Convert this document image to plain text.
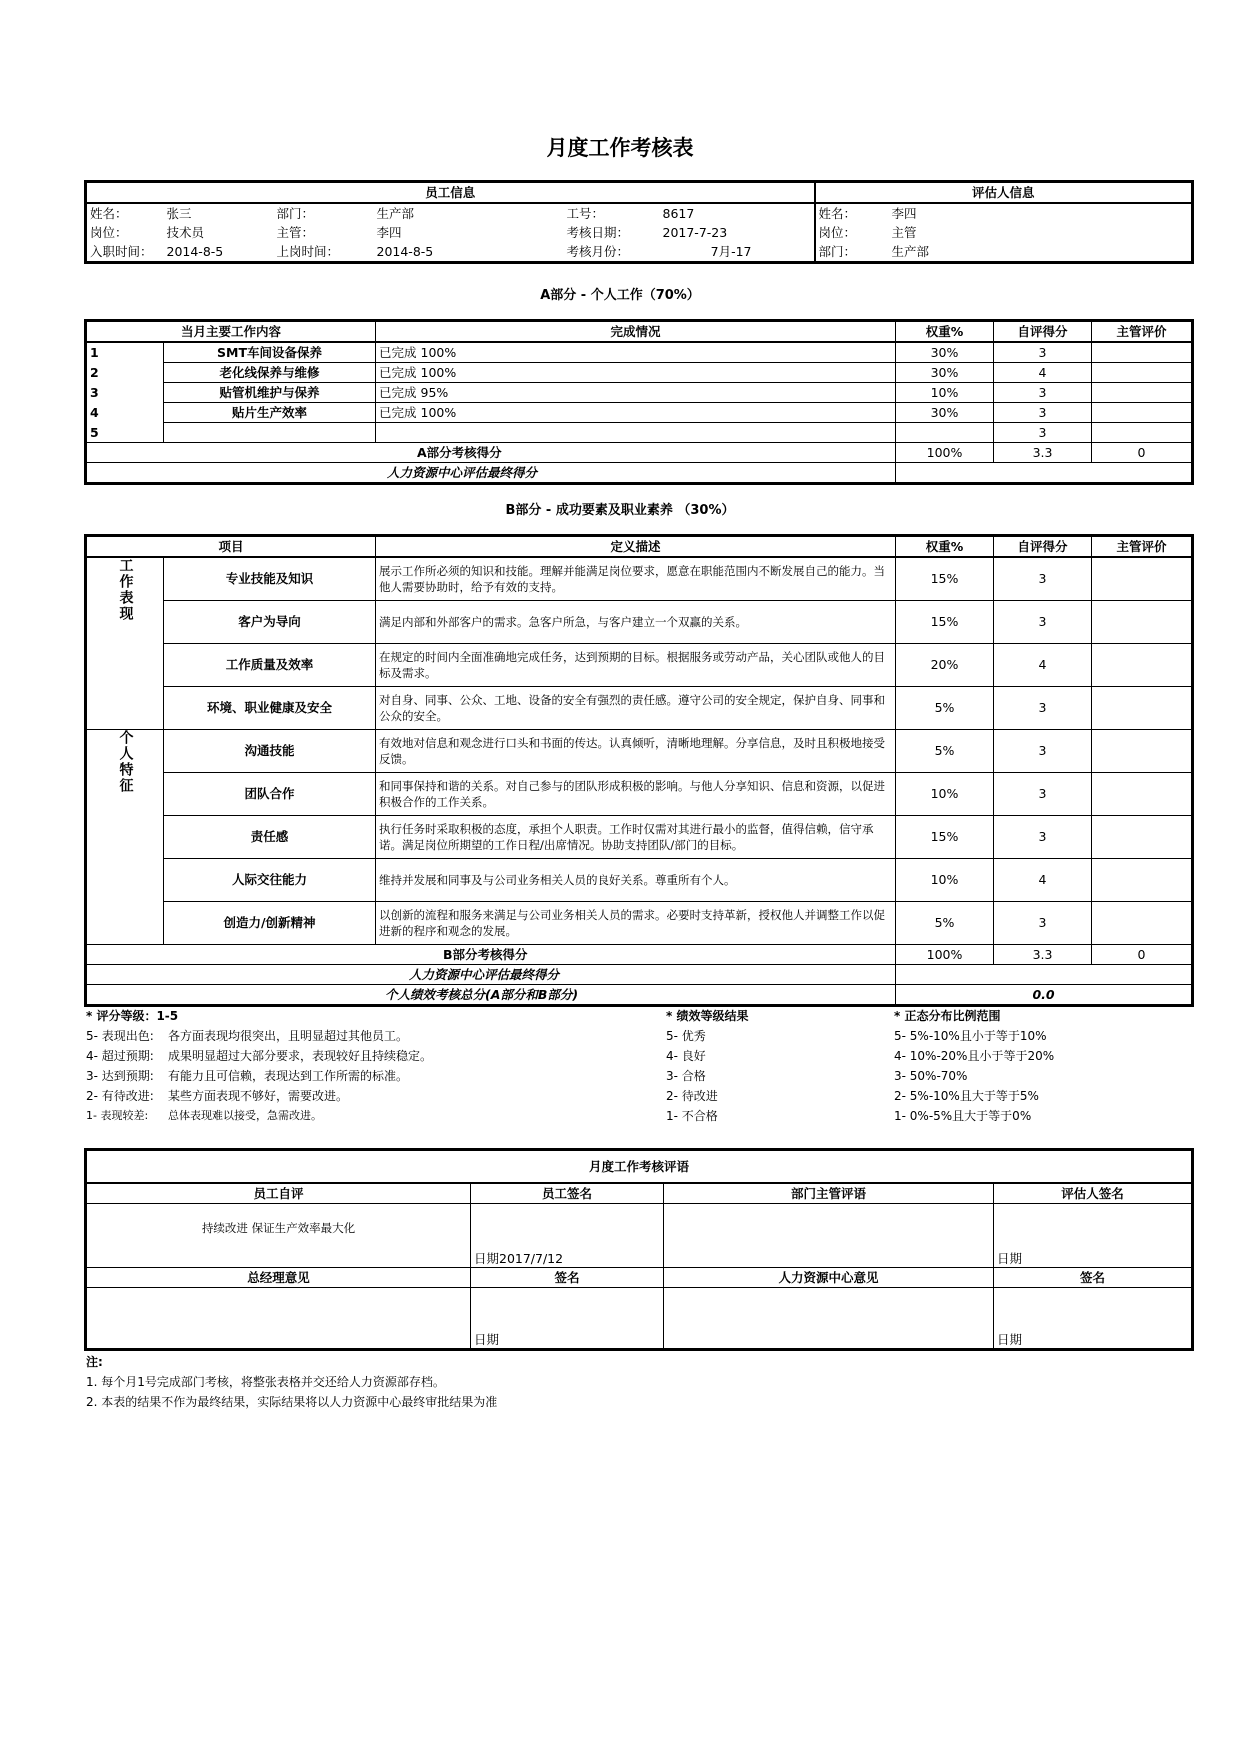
月度工作考核表
员工信息						评估人信息	
姓名：	张三	部门：	生产部	工号：	8617	姓名：	李四
岗位：	技术员	主管：	李四	考核日期：	2017-7-23	岗位：	主管
入职时间：	2014-8-5	上岗时间：	2014-8-5	考核月份：	7月-17	部门：	生产部
A部分 - 个人工作（70%）
当月主要工作内容		完成情况	权重%	自评得分	主管评价
1	SMT车间设备保养	已完成 100%	30%	3	
2	老化线保养与维修	已完成 100%	30%	4	
3	贴管机维护与保养	已完成 95%	10%	3	
4	贴片生产效率	已完成 100%	30%	3	
5				3	
A部分考核得分			100%	3.3	0
人力资源中心评估最终得分					
B部分 - 成功要素及职业素养 （30%）
项目		定义描述	权重%	自评得分	主管评价
工作表现	专业技能及知识	展示工作所必须的知识和技能。理解并能满足岗位要求，愿意在职能范围内不断发展自己的能力。当他人需要协助时，给予有效的支持。	15%	3	
	客户为导向	满足内部和外部客户的需求。急客户所急，与客户建立一个双赢的关系。	15%	3	
	工作质量及效率	在规定的时间内全面准确地完成任务，达到预期的目标。根据服务或劳动产品，关心团队或他人的目标及需求。	20%	4	
	环境、职业健康及安全	对自身、同事、公众、工地、设备的安全有强烈的责任感。遵守公司的安全规定，保护自身、同事和公众的安全。	5%	3	
个人特征	沟通技能	有效地对信息和观念进行口头和书面的传达。认真倾听，清晰地理解。分享信息，及时且积极地接受反馈。	5%	3	
	团队合作	和同事保持和谐的关系。对自己参与的团队形成积极的影响。与他人分享知识、信息和资源，以促进积极合作的工作关系。	10%	3	
	责任感	执行任务时采取积极的态度，承担个人职责。工作时仅需对其进行最小的监督，值得信赖，信守承诺。满足岗位所期望的工作日程/出席情况。协助支持团队/部门的目标。	15%	3	
	人际交往能力	维持并发展和同事及与公司业务相关人员的良好关系。尊重所有个人。	10%	4	
	创造力/创新精神	以创新的流程和服务来满足与公司业务相关人员的需求。必要时支持革新，授权他人并调整工作以促进新的程序和观念的发展。	5%	3	
B部分考核得分			100%	3.3	0
人力资源中心评估最终得分					
个人绩效考核总分(A部分和B部分)			0.0		
* 评分等级：1-5
5- 表现出色: 各方面表现均很突出，且明显超过其他员工。
4- 超过预期: 成果明显超过大部分要求，表现较好且持续稳定。
3- 达到预期: 有能力且可信赖，表现达到工作所需的标准。
2- 有待改进: 某些方面表现不够好，需要改进。
1- 表现较差: 总体表现难以接受，急需改进。
* 绩效等级结果
5- 优秀
4- 良好
3- 合格
2- 待改进
1- 不合格
* 正态分布比例范围
5- 5%-10%且小于等于10%
4- 10%-20%且小于等于20%
3- 50%-70%
2- 5%-10%且大于等于5%
1- 0%-5%且大于等于0%
月度工作考核评语			
员工自评	员工签名	部门主管评语	评估人签名
持续改进 保证生产效率最大化	日期2017/7/12		日期
总经理意见	签名	人力资源中心意见	签名
	日期		日期
注:
1. 每个月1号完成部门考核，将整张表格并交还给人力资源部存档。
2. 本表的结果不作为最终结果，实际结果将以人力资源中心最终审批结果为准
